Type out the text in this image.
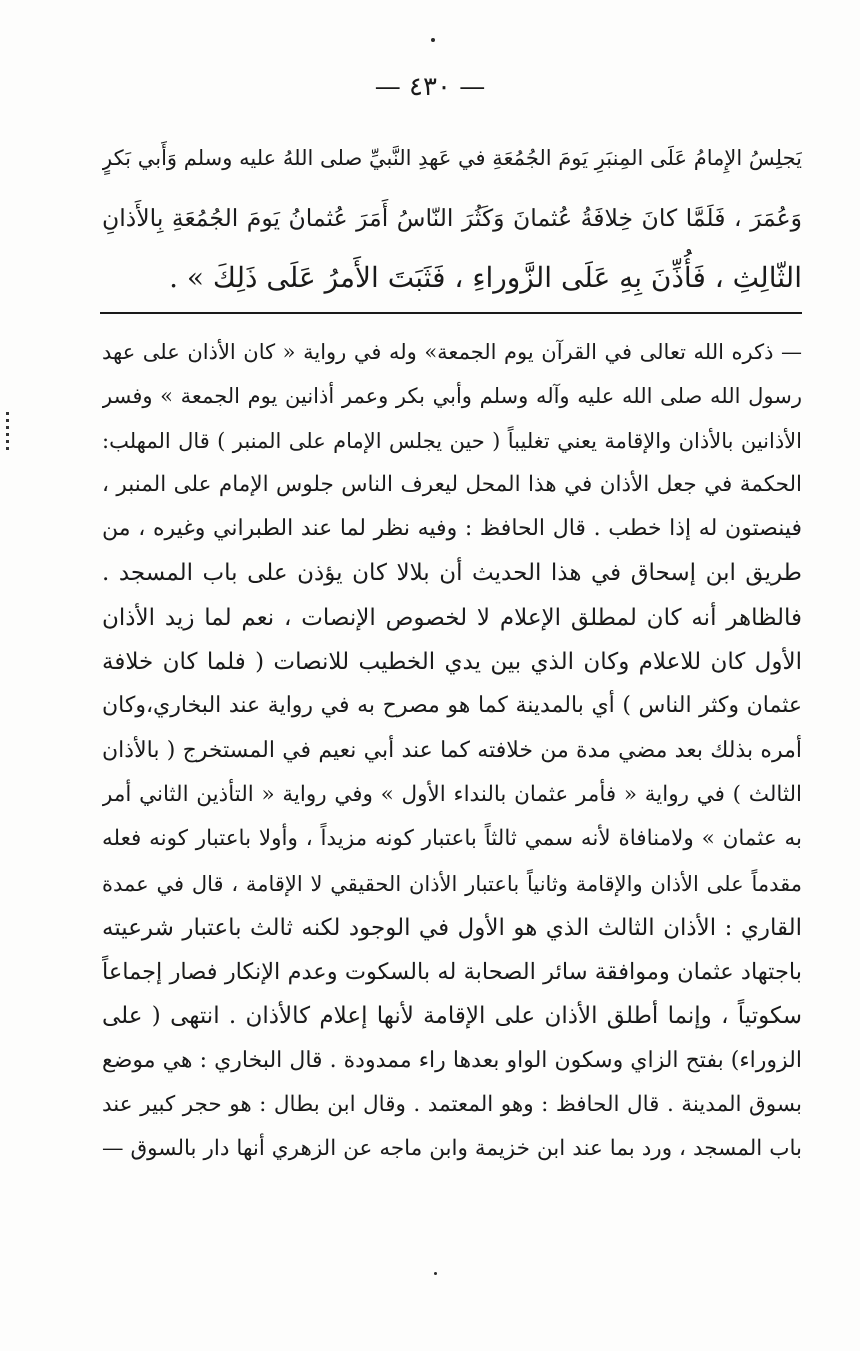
— ٤٣٠ —
يَجلِسُ الإِمامُ عَلَى المِنبَرِ يَومَ الجُمُعَةِ في عَهدِ النَّبيِّ صلى اللهُ عليه وسلم وَأَبي بَكرٍ
وَعُمَرَ ، فَلَمَّا كانَ خِلافَةُ عُثمانَ وَكَثُرَ النّاسُ أَمَرَ عُثمانُ يَومَ الجُمُعَةِ بِالأَذانِ
الثّالِثِ ، فَأُذِّنَ بِهِ عَلَى الزَّوراءِ ، فَثَبَتَ الأَمرُ عَلَى ذَلِكَ » .
— ذكره الله تعالى في القرآن يوم الجمعة» وله في رواية « كان الأذان على عهد
رسول الله صلى الله عليه وآله وسلم وأبي بكر وعمر أذانين يوم الجمعة » وفسر
الأذانين بالأذان والإقامة يعني تغليباً ( حين يجلس الإمام على المنبر ) قال المهلب:
الحكمة في جعل الأذان في هذا المحل ليعرف الناس جلوس الإمام على المنبر ،
فينصتون له إذا خطب . قال الحافظ : وفيه نظر لما عند الطبراني وغيره ، من
طريق ابن إسحاق في هذا الحديث أن بلالا كان يؤذن على باب المسجد .
فالظاهر أنه كان لمطلق الإعلام لا لخصوص الإنصات ، نعم لما زيد الأذان
الأول كان للاعلام وكان الذي بين يدي الخطيب للانصات ( فلما كان خلافة
عثمان وكثر الناس ) أي بالمدينة كما هو مصرح به في رواية عند البخاري،وكان
أمره بذلك بعد مضي مدة من خلافته كما عند أبي نعيم في المستخرج ( بالأذان
الثالث ) في رواية « فأمر عثمان بالنداء الأول » وفي رواية « التأذين الثاني أمر
به عثمان » ولامنافاة لأنه سمي ثالثاً باعتبار كونه مزيداً ، وأولا باعتبار كونه فعله
مقدماً على الأذان والإقامة وثانياً باعتبار الأذان الحقيقي لا الإقامة ، قال في عمدة
القاري : الأذان الثالث الذي هو الأول في الوجود لكنه ثالث باعتبار شرعيته
باجتهاد عثمان وموافقة سائر الصحابة له بالسكوت وعدم الإنكار فصار إجماعاً
سكوتياً ، وإنما أطلق الأذان على الإقامة لأنها إعلام كالأذان . انتهى ( على
الزوراء) بفتح الزاي وسكون الواو بعدها راء ممدودة . قال البخاري : هي موضع
بسوق المدينة . قال الحافظ : وهو المعتمد . وقال ابن بطال : هو حجر كبير عند
باب المسجد ، ورد بما عند ابن خزيمة وابن ماجه عن الزهري أنها دار بالسوق —
